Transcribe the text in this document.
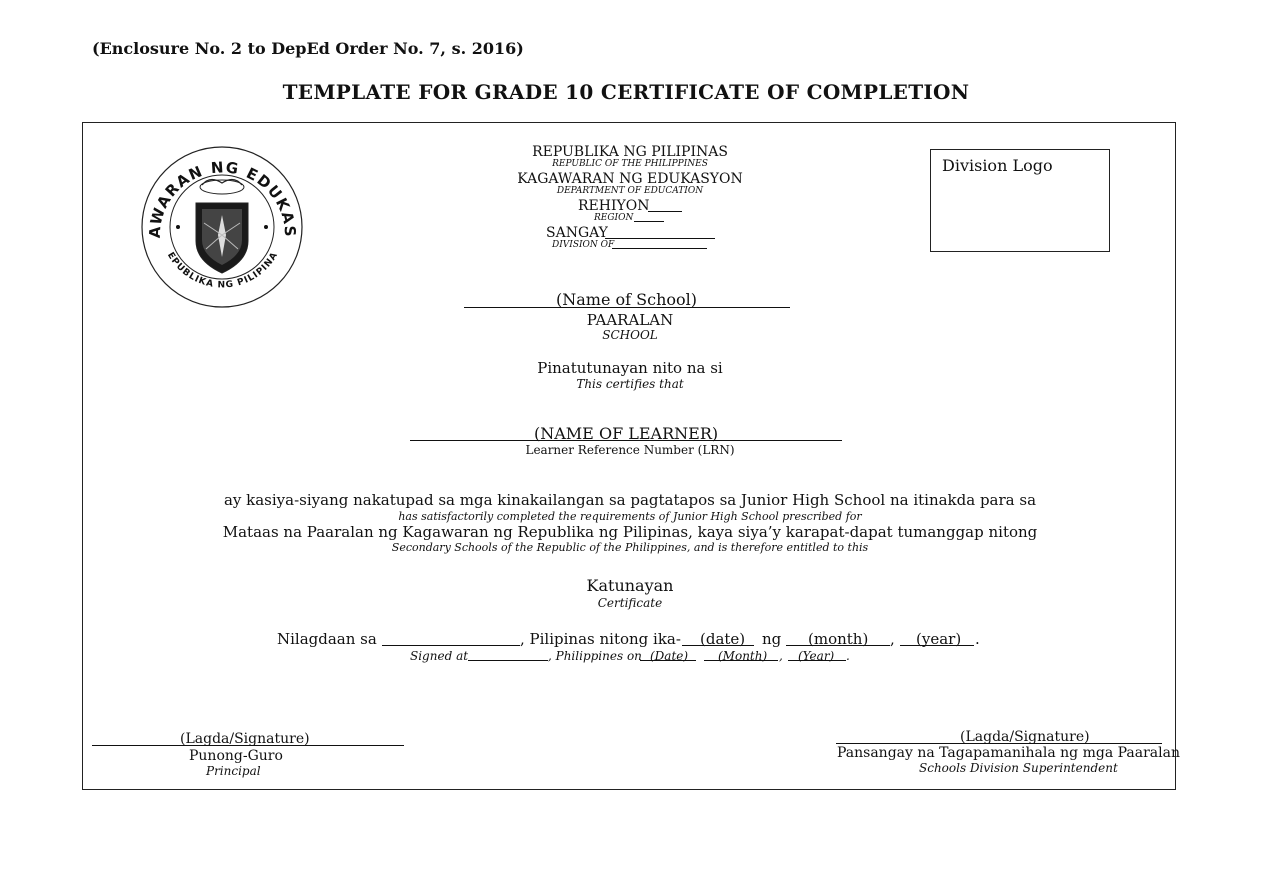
(Enclosure No. 2 to DepEd Order No. 7, s. 2016)
TEMPLATE FOR GRADE 10 CERTIFICATE OF COMPLETION
AWARAN NG EDUKAS
EPUBLIKA NG PILIPINA
REPUBLIKA NG PILIPINAS
REPUBLIC OF THE PHILIPPINES
KAGAWARAN NG EDUKASYON
DEPARTMENT OF EDUCATION
REHIYON
REGION
SANGAY
DIVISION OF
Division Logo
(Name of School)
PAARALAN
SCHOOL
Pinatutunayan nito na si
This certifies that
(NAME OF LEARNER)
Learner Reference Number (LRN)
ay kasiya-siyang nakatupad sa mga kinakailangan sa pagtatapos sa Junior High School na itinakda para sa
has satisfactorily completed the requirements of Junior High School prescribed for
Mataas na Paaralan ng Kagawaran ng Republika ng Pilipinas, kaya siya’y karapat-dapat tumanggap nitong
Secondary Schools of the Republic of the Philippines, and is therefore entitled to this
Katunayan
Certificate
Nilagdaan sa	, Pilipinas nitong ika- (date) ng (month) , (year) .
Signed at	, Philippines on (Date) (Month) , (Year) .
(Lagda/Signature)
Punong-Guro
Principal
(Lagda/Signature)
Pansangay na Tagapamanihala ng mga Paaralan
Schools Division Superintendent
